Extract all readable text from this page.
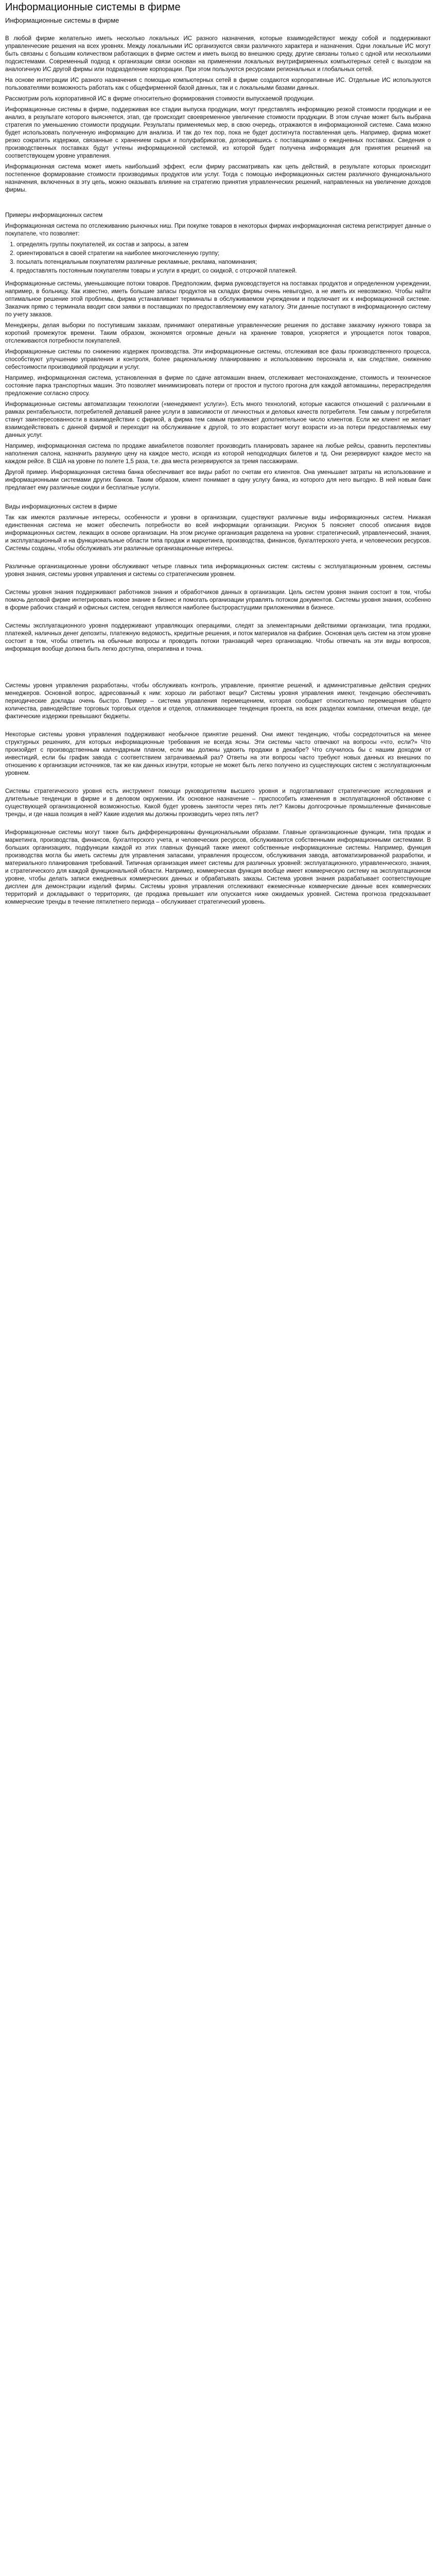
Информационные системы в фирме
Информационные системы в фирме

В любой фирме желательно иметь несколько локальных ИС разного назначения, которые взаимодействуют между собой и поддерживают управленческие решения на всех уровнях. Между локальными ИС организуются связи различного характера и назначения. Одни локальные ИС могут быть связаны с большим количеством работающих в фирме систем и иметь выход во внешнюю среду, другие связаны только с одной или несколькими подсистемами. Современный подход к организации связи основан на применении локальных внутрифирменных компьютерных сетей с выходом на аналогичную ИС другой фирмы или подразделение корпорации. При этом пользуются ресурсами региональных и глобальных сетей.

На основе интеграции ИС разного назначения с помощью компьютерных сетей в фирме создаются корпоративные ИС. Отдельные ИС используются пользователями возможность работать как с общефирменной базой данных, так и с локальными базами данных.

Рассмотрим роль корпоративной ИС в фирме относительно формирования стоимости выпускаемой продукции.

Информационные системы в фирме, поддерживая все стадии выпуска продукции, могут представлять информацию резкой стоимости продукции и ее анализ, в результате которого выясняется, этап, где происходит своевременное увеличение стоимости продукции. В этом случае может быть выбрана стратегия по уменьшению стоимости продукции. Результаты применяемых мер, в свою очередь, отражаются в информационной системе. Сама можно будет использовать полученную информацию для анализа. И так до тех пор, пока не будет достигнута поставленная цель. Например, фирма может резко сократить издержки, связанные с хранением сырья и полуфабрикатов, договорившись с поставщиками о ежедневных поставках. Сведения о производственных поставках будут учтены информационной системой, из которой будет получена информация для принятия решений на соответствующем уровне управления.

Информационная система может иметь наибольший эффект, если фирму рассматривать как цепь действий, в результате которых происходит постепенное формирование стоимости производимых продуктов или услуг. Тогда с помощью информационных систем различного функционального назначения, включенных в эту цепь, можно оказывать влияние на стратегию принятия управленческих решений, направленных на увеличение доходов фирмы.

Примеры информационных систем

Информационная система по отслеживанию рыночных ниш. При покупке товаров в некоторых фирмах информационная система регистрирует данные о покупателе, что позволяет:

1. определять группы покупателей, их состав и запросы, а затем
2. ориентироваться в своей стратегии на наиболее многочисленную группу;
3. посылать потенциальным покупателям различные рекламные, реклама, напоминания;
4. предоставлять постоянным покупателям товары и услуги в кредит, со скидкой, с отсрочкой платежей.

Информационные системы, уменьшающие потоки товаров. Предположим, фирма руководствуется на поставках продуктов и определенном учреждении, например, в больницу. Как известно, иметь большие запасы продуктов на складах фирмы очень невыгодно, а не иметь их невозможно. Чтобы найти оптимальное решение этой проблемы, фирма устанавливает терминалы в обслуживаемом учреждении и подключает их к информационной системе. Заказчик прямо с терминала вводит свои заявки в поставщиках по предоставляемому ему каталогу. Эти данные поступают в информационную систему по учету заказов.

Менеджеры, делая выборки по поступившим заказам, принимают оперативные управленческие решения по доставке заказчику нужного товара за короткий промежуток времени. Таким образом, экономятся огромные деньги на хранение товаров, ускоряется и упрощается поток товаров, отслеживаются потребности покупателей.

Информационные системы по снижению издержек производства. Эти информационные системы, отслеживая все фазы производственного процесса, способствуют улучшению управления и контроля, более рациональному планированию и использованию персонала и, как следствие, снижению себестоимости производимой продукции и услуг.

Например, информационная система, установленная в фирме по сдаче автомашин внаем, отслеживает местонахождение, стоимость и техническое состояние парка транспортных машин. Это позволяет минимизировать потери от простоя и пустого прогона для каждой автомашины, перераспределяя предложение согласно спросу.

Информационные системы автоматизации технологии («менеджмент услуги»). Есть много технологий, которые касаются отношений с различными в рамках рентабельности, потребителей делавшей ранее услуги в зависимости от личностных и деловых качеств потребителя. Тем самым у потребителя станут заинтересованности в взаимодействии с фирмой, а фирма тем самым привлекает дополнительное число клиентов. Если же клиент не желает взаимодействовать с данной фирмой и переходит на обслуживание к другой, то это возрастает могут возрасти из-за потери предоставляемых ему данных услуг.

Например, информационная система по продаже авиабилетов позволяет производить планировать заранее на любые рейсы, сравнить перспективы наполнения салона, назначить разумную цену на каждое место, исходя из которой неподходящих билетов и тд. Они резервируют каждое место на каждом рейсе. В США на уровне по полете 1,5 раза, т.е. два места резервируются за тремя пассажирами.

Другой пример. Информационная система банка обеспечивает все виды работ по счетам его клиентов. Она уменьшает затраты на использование и информационными системами других банков. Таким образом, клиент понимает в одну услугу банка, из которого для него выгодно. В ней новым банк предлагает ему различные скидки и бесплатные услуги.

Виды информационных систем в фирме

Так как имеются различные интересы, особенности и уровни в организации, существуют различные виды информационных систем. Никакая единственная система не может обеспечить потребности во всей информации организации. Рисунок 5 поясняет способ описания видов информационных систем, лежащих в основе организации. На этом рисунке организация разделена на уровни: стратегический, управленческий, знания, и эксплуатационный и на функциональные области типа продаж и маркетинга, производства, финансов, бухгалтерского учета, и человеческих ресурсов. Системы созданы, чтобы обслуживать эти различные организационные интересы.

Различные организационные уровни обслуживают четыре главных типа информационных систем: системы с эксплуатационным уровнем, системы уровня знания, системы уровня управления и системы со стратегическим уровнем.

Системы уровня знания поддерживают работников знания и обработчиков данных в организации. Цель систем уровня знания состоит в том, чтобы помочь деловой фирме интегрировать новое знание в бизнес и помогать организации управлять потоком документов. Системы уровня знания, особенно в форме рабочих станций и офисных систем, сегодня являются наиболее быстрорастущими приложениями в бизнесе.

Системы эксплуатационного уровня поддерживают управляющих операциями, следят за элементарными действиями организации, типа продажи, платежей, наличных денег депозиты, платежную ведомость, кредитные решения, и поток материалов на фабрике. Основная цель систем на этом уровне состоит в том, чтобы ответить на обычные вопросы и проводить потоки транзакций через организацию. Чтобы отвечать на эти виды вопросов, информация вообще должна быть легко доступна, оперативна и точна.

Системы уровня управления разработаны, чтобы обслуживать контроль, управление, принятие решений, и административные действия средних менеджеров. Основной вопрос, адресованный к ним: хорошо ли работают вещи? Системы уровня управления имеют, тенденцию обеспечивать периодические доклады очень быстро. Пример – система управления перемещением, которая сообщает относительно перемещения общего количества, равнодействие торговых торговых отделов и отделов, отлаживающее тенденция проекта, на всех разделах компании, отмечая везде, где фактические издержки превышают бюджеты.

Некоторые системы уровня управления поддерживают необычное принятие решений. Они имеют тенденцию, чтобы сосредоточиться на менее структурных решениях, для которых информационные требования не всегда ясны. Эти системы часто отвечают на вопросы «что, если?» Что произойдет с производственным календарным планом, если мы должны удвоить продажи в декабре? Что случилось бы с нашим доходом от инвестиций, если бы график завода с соответствием затрачиваемый раз? Ответы на эти вопросы часто требуют новых данных из внешних по отношению к организации источников, так же как данных изнутри, которые не может быть легко получено из существующих систем с эксплуатационным уровнем.

Системы стратегического уровня есть инструмент помощи руководителям высшего уровня и подготавливают стратегические исследования и длительные тенденции в фирме и в деловом окружении. Их основное назначение – приспособить изменения в эксплуатационной обстановке с существующей организационной возможностью. Какой будет уровень занятости через пять лет? Каковы долгосрочные промышленные финансовые тренды, и где наша позиция в ней? Какие изделия мы должны производить через пять лет?

Информационные системы могут также быть дифференцированы функциональными образами. Главные организационные функции, типа продаж и маркетинга, производства, финансов, бухгалтерского учета, и человеческих ресурсов, обслуживаются собственными информационными системами. В больших организациях, подфункции каждой из этих главных функций также имеют собственные информационные системы. Например, функция производства могла бы иметь системы для управления запасами, управления процессом, обслуживания завода, автоматизированной разработки, и материального планирования требований. Типичная организация имеет системы для различных уровней: эксплуатационного, управленческого, знания, и стратегического для каждой функциональной области. Например, коммерческая функция вообще имеет коммерческую систему на эксплуатационном уровне, чтобы делать записи ежедневных коммерческих данных и обрабатывать заказы. Система уровня знания разрабатывает соответствующие дисплеи для демонстрации изделий фирмы. Системы уровня управления отслеживают ежемесячные коммерческие данные всех коммерческих территорий и докладывают о территориях, где продажа превышает или опускается ниже ожидаемых уровней. Система прогноза предсказывает коммерческие тренды в течение пятилетнего периода – обслуживает стратегический уровень.
